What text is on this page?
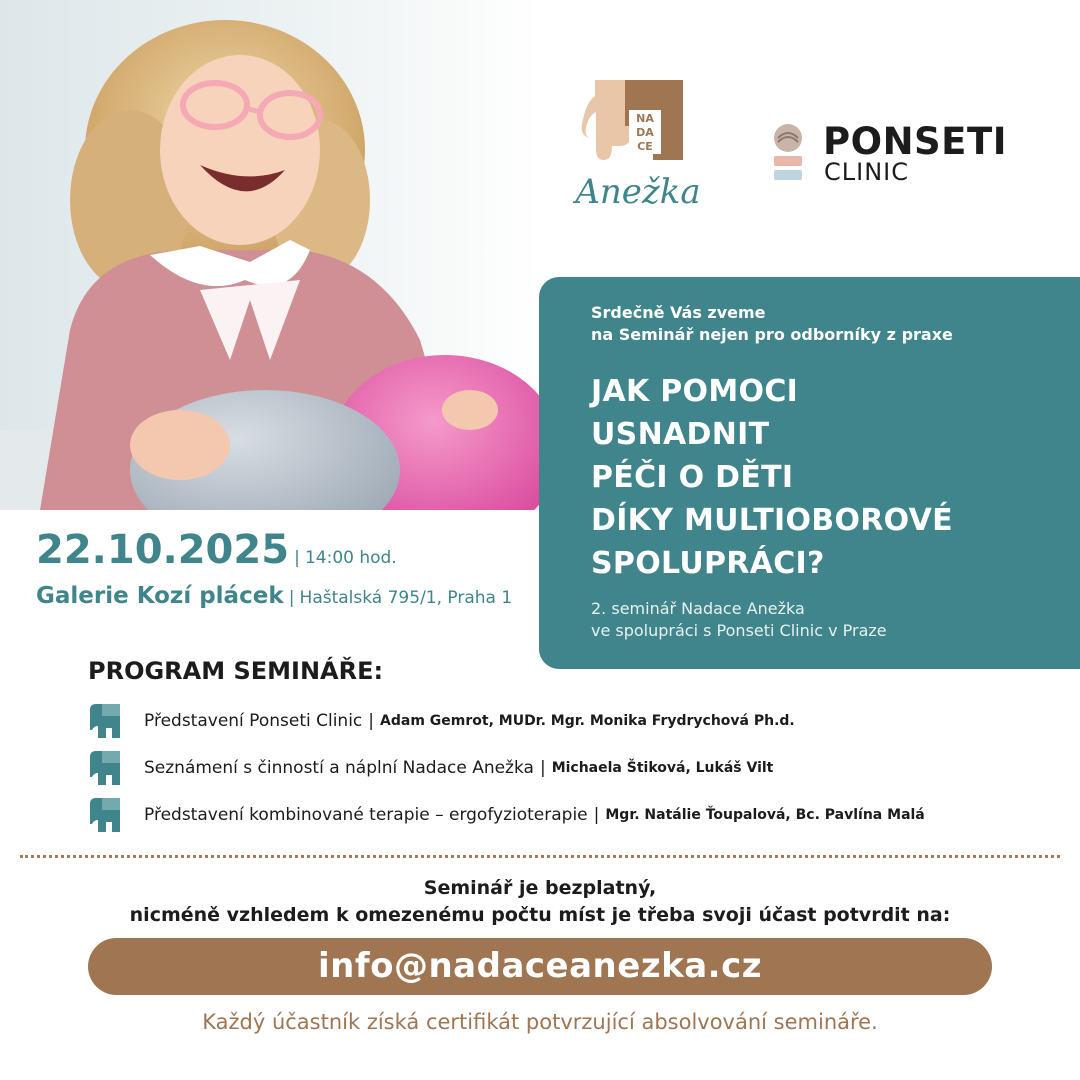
NA
DA
CE
Anežka
PONSETI
CLINIC
Srdečně Vás zveme
na Seminář nejen pro odborníky z praxe
JAK POMOCI
USNADNIT
PÉČI O DĚTI
DÍKY MULTIOBOROVÉ
SPOLUPRÁCI?
2. seminář Nadace Anežka
ve spolupráci s Ponseti Clinic v Praze
22.10.2025 | 14:00 hod.
Galerie Kozí plácek | Haštalská 795/1, Praha 1
PROGRAM SEMINÁŘE:
Představení Ponseti Clinic | Adam Gemrot, MUDr. Mgr. Monika Frydrychová Ph.d.
Seznámení s činností a náplní Nadace Anežka | Michaela Štiková, Lukáš Vilt
Představení kombinované terapie – ergofyzioterapie | Mgr. Natálie Ťoupalová, Bc. Pavlína Malá
Seminář je bezplatný,
nicméně vzhledem k omezenému počtu míst je třeba svoji účast potvrdit na:
info@nadaceanezka.cz
Každý účastník získá certifikát potvrzující absolvování semináře.
